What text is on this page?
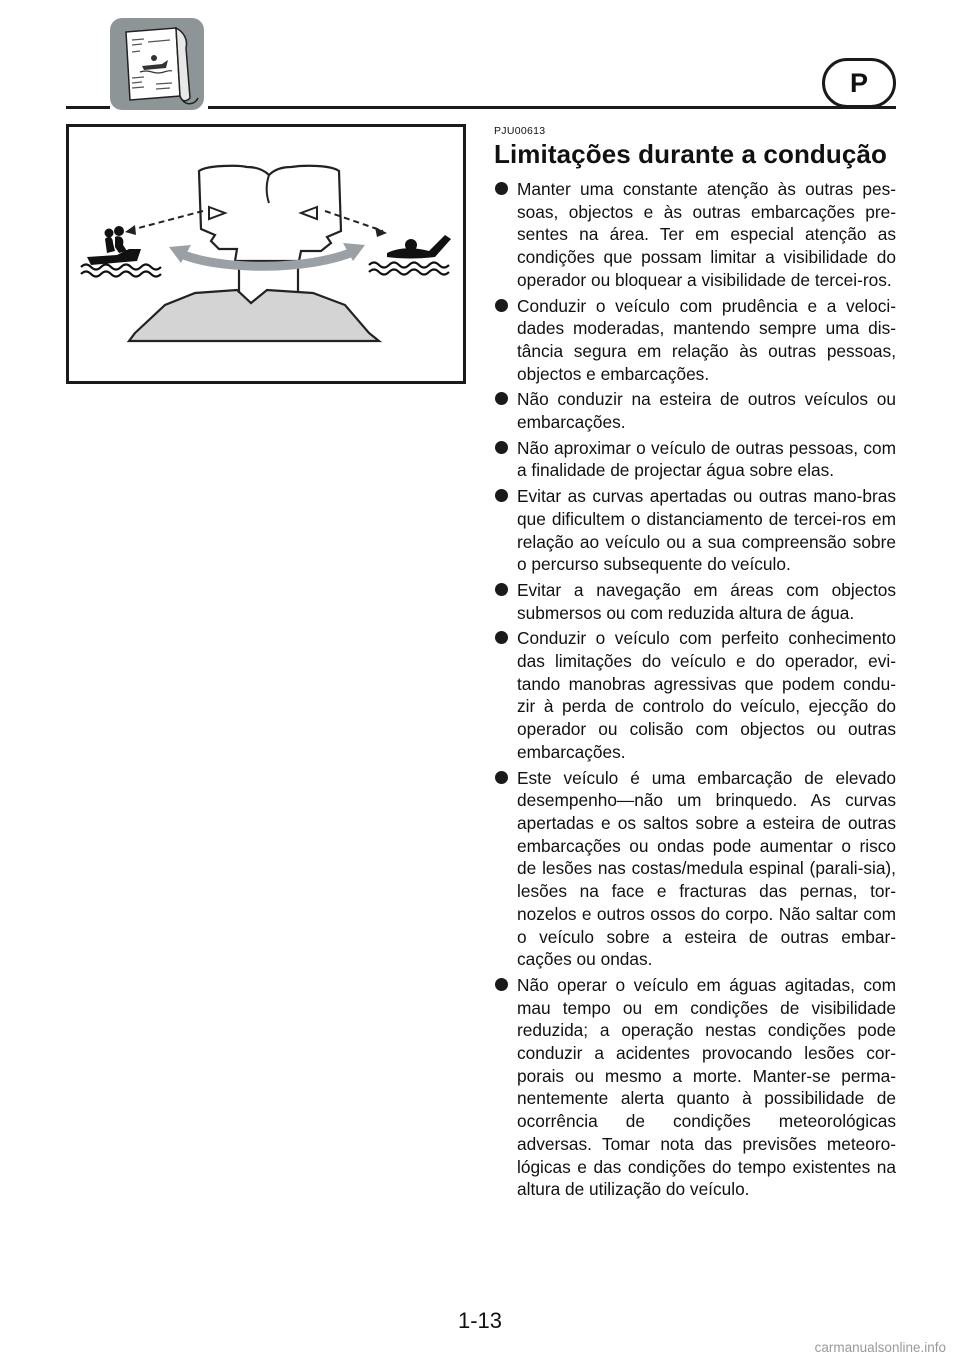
P
PJU00613
Limitações durante a condução
Manter uma constante atenção às outras pes-soas, objectos e às outras embarcações pre-sentes na área. Ter em especial atenção as condições que possam limitar a visibilidade do operador ou bloquear a visibilidade de tercei-ros.
Conduzir o veículo com prudência e a veloci-dades moderadas, mantendo sempre uma dis-tância segura em relação às outras pessoas, objectos e embarcações.
Não conduzir na esteira de outros veículos ou embarcações.
Não aproximar o veículo de outras pessoas, com a finalidade de projectar água sobre elas.
Evitar as curvas apertadas ou outras mano-bras que dificultem o distanciamento de tercei-ros em relação ao veículo ou a sua compreensão sobre o percurso subsequente do veículo.
Evitar a navegação em áreas com objectos submersos ou com reduzida altura de água.
Conduzir o veículo com perfeito conhecimento das limitações do veículo e do operador, evi-tando manobras agressivas que podem condu-zir à perda de controlo do veículo, ejecção do operador ou colisão com objectos ou outras embarcações.
Este veículo é uma embarcação de elevado desempenho—não um brinquedo. As curvas apertadas e os saltos sobre a esteira de outras embarcações ou ondas pode aumentar o risco de lesões nas costas/medula espinal (parali-sia), lesões na face e fracturas das pernas, tor-nozelos e outros ossos do corpo. Não saltar com o veículo sobre a esteira de outras embar-cações ou ondas.
Não operar o veículo em águas agitadas, com mau tempo ou em condições de visibilidade reduzida; a operação nestas condições pode conduzir a acidentes provocando lesões cor-porais ou mesmo a morte. Manter-se perma-nentemente alerta quanto à possibilidade de ocorrência de condições meteorológicas adversas. Tomar nota das previsões meteoro-lógicas e das condições do tempo existentes na altura de utilização do veículo.
1-13
carmanualsonline.info
